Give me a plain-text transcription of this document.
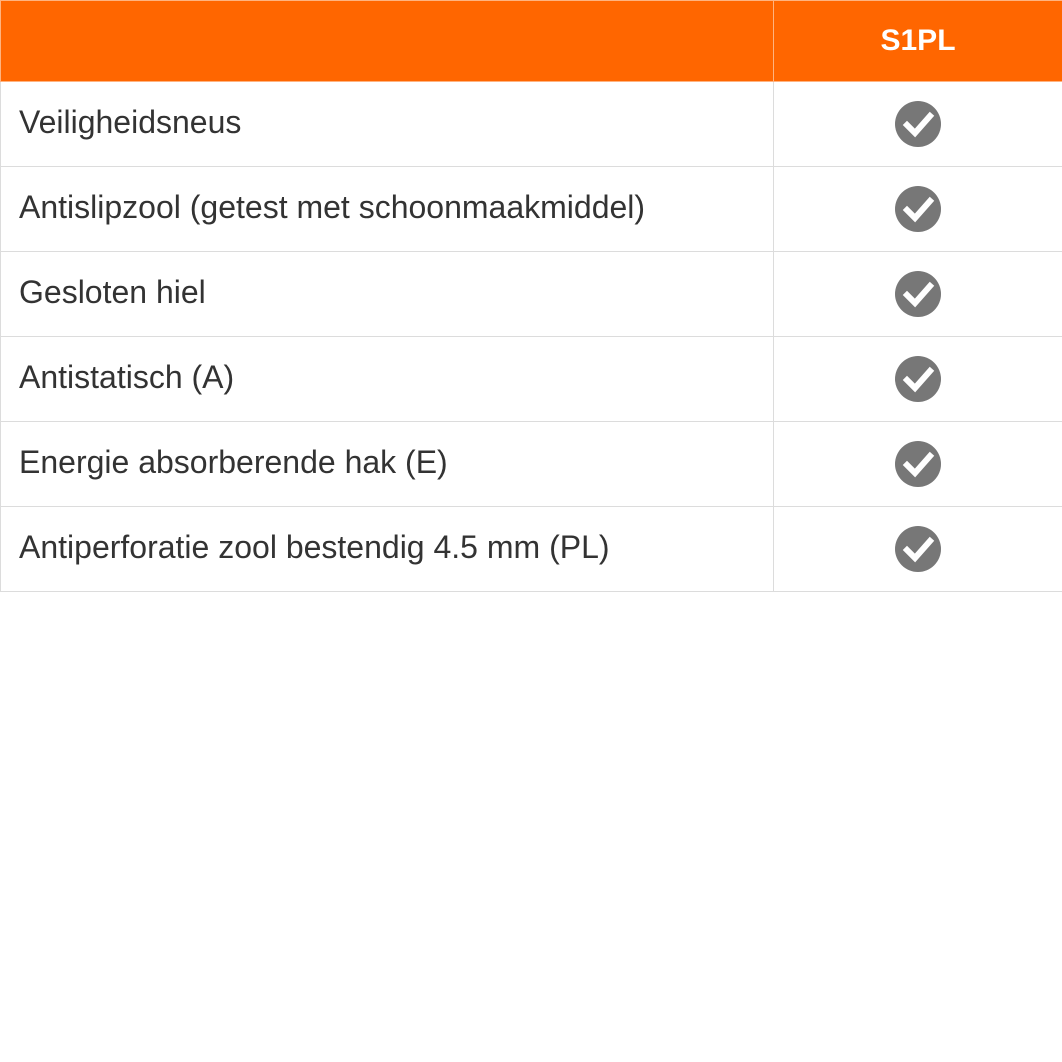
	S1PL
Veiligheidsneus	
Antislipzool (getest met schoonmaakmiddel)	
Gesloten hiel	
Antistatisch (A)	
Energie absorberende hak (E)	
Antiperforatie zool bestendig 4.5 mm (PL)	
